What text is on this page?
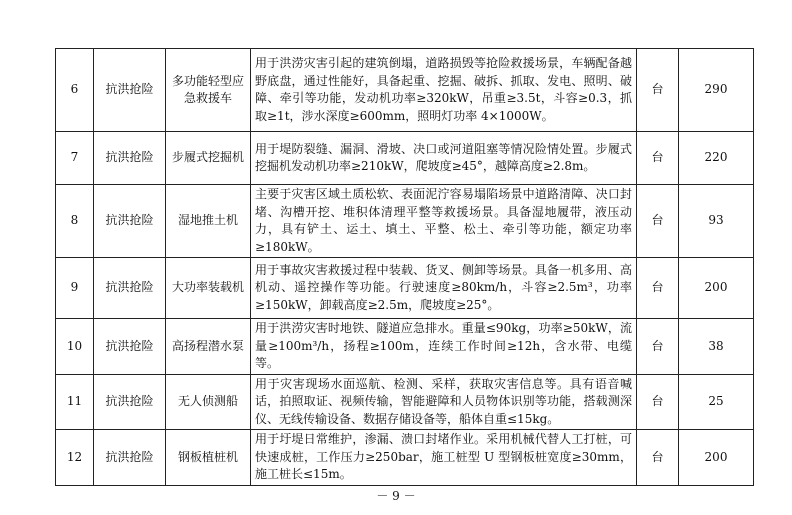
6	抗洪抢险	多功能轻型应急救援车	用于洪涝灾害引起的建筑倒塌，道路损毁等抢险救援场景，车辆配备越野底盘，通过性能好，具备起重、挖掘、破拆、抓取、发电、照明、破障、牵引等功能，发动机功率≥320kW，吊重≥3.5t，斗容≥0.3，抓取≥1t，涉水深度≥600mm，照明灯功率 4×1000W。	台	290
7	抗洪抢险	步履式挖掘机	用于堤防裂缝、漏洞、滑坡、决口或河道阻塞等情况险情处置。步履式挖掘机发动机功率≥210kW，爬坡度≥45°，越障高度≥2.8m。	台	220
8	抗洪抢险	湿地推土机	主要于灾害区域土质松软、表面泥泞容易塌陷场景中道路清障、决口封堵、沟槽开挖、堆积体清理平整等救援场景。具备湿地履带，液压动力，具有铲土、运土、填土、平整、松土、牵引等功能，额定功率≥180kW。	台	93
9	抗洪抢险	大功率装载机	用于事故灾害救援过程中装载、货叉、侧卸等场景。具备一机多用、高机动、遥控操作等功能。行驶速度≥80km/h，斗容≥2.5m³，功率≥150kW，卸载高度≥2.5m，爬坡度≥25°。	台	200
10	抗洪抢险	高扬程潜水泵	用于洪涝灾害时地铁、隧道应急排水。重量≤90kg，功率≥50kW，流量≥100m³/h，扬程≥100m，连续工作时间≥12h，含水带、电缆等。	台	38
11	抗洪抢险	无人侦测船	用于灾害现场水面巡航、检测、采样，获取灾害信息等。具有语音喊话，拍照取证、视频传输，智能避障和人员物体识别等功能，搭载测深仪、无线传输设备、数据存储设备等，船体自重≤15kg。	台	25
12	抗洪抢险	钢板植桩机	用于圩堤日常维护，渗漏、溃口封堵作业。采用机械代替人工打桩，可快速成桩，工作压力≥250bar，施工桩型 U 型钢板桩宽度≥30mm，施工桩长≤15m。	台	200
－ 9 －
